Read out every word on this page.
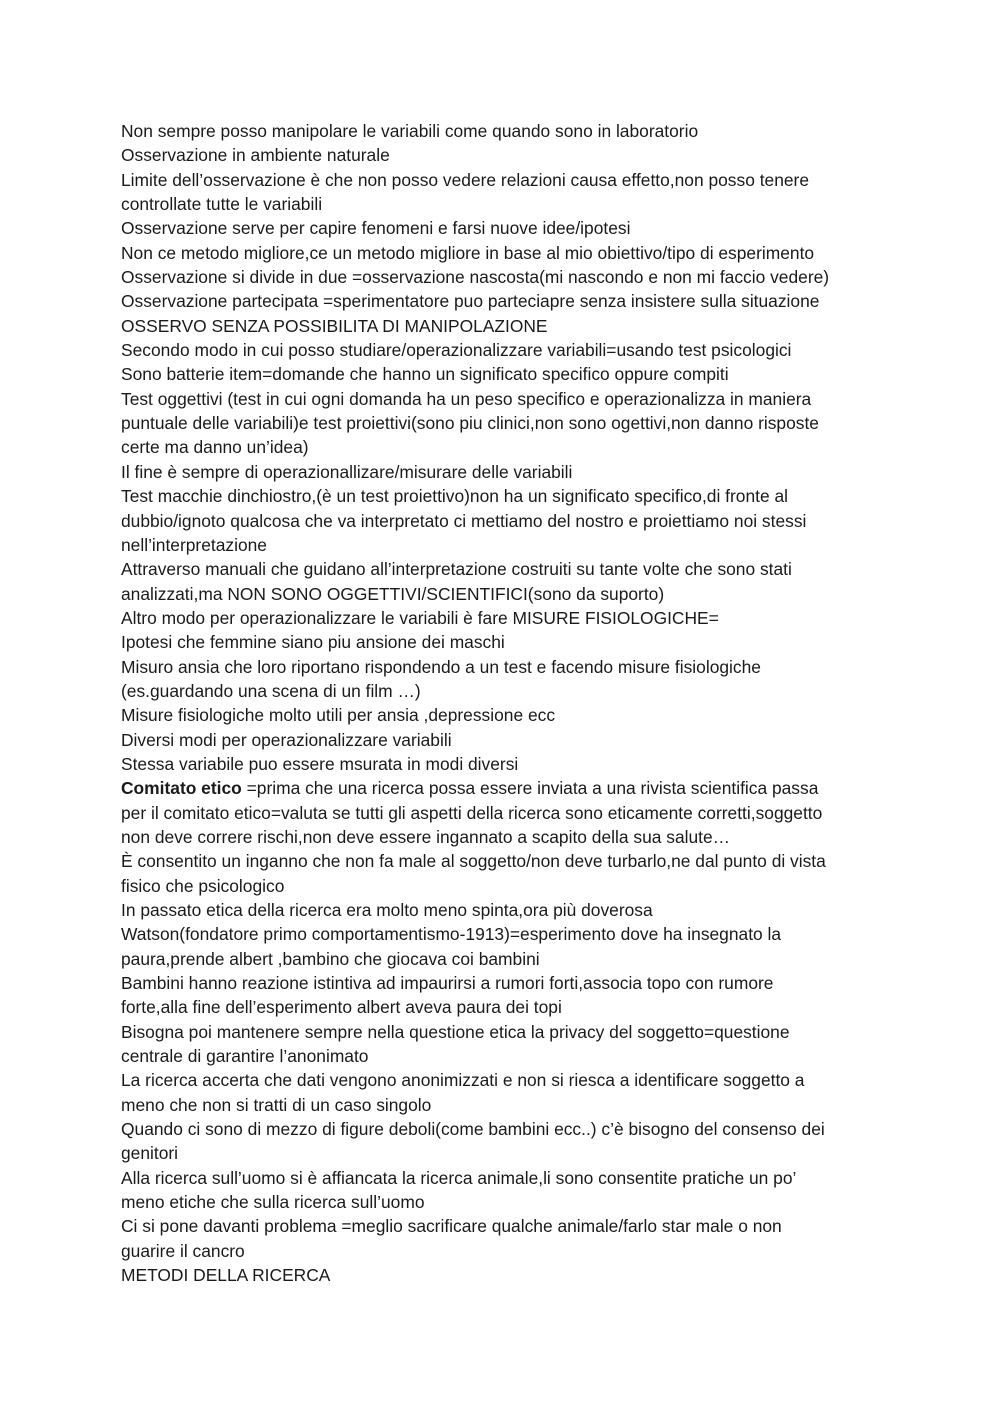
Non sempre posso manipolare le variabili come quando sono in laboratorio
Osservazione in ambiente naturale
Limite dell’osservazione è che non posso vedere relazioni causa effetto,non posso tenere
controllate tutte le variabili
Osservazione serve per capire fenomeni e farsi nuove idee/ipotesi
Non ce metodo migliore,ce un metodo migliore in base al mio obiettivo/tipo di esperimento
Osservazione si divide in due =osservazione nascosta(mi nascondo e non mi faccio vedere)
Osservazione partecipata =sperimentatore puo parteciapre senza insistere sulla situazione
OSSERVO SENZA POSSIBILITA DI MANIPOLAZIONE
Secondo modo in cui posso studiare/operazionalizzare variabili=usando test psicologici
Sono batterie item=domande che hanno un significato specifico oppure compiti
Test oggettivi (test in cui ogni domanda ha un peso specifico e operazionalizza in maniera
puntuale delle variabili)e test proiettivi(sono piu clinici,non sono ogettivi,non danno risposte
certe ma danno un’idea)
Il fine è sempre di operazionallizare/misurare delle variabili
Test macchie dinchiostro,(è un test proiettivo)non ha un significato specifico,di fronte al
dubbio/ignoto qualcosa che va interpretato ci mettiamo del nostro e proiettiamo noi stessi
nell’interpretazione
Attraverso manuali che guidano all’interpretazione costruiti su tante volte che sono stati
analizzati,ma NON SONO OGGETTIVI/SCIENTIFICI(sono da suporto)
Altro modo per operazionalizzare le variabili è fare MISURE FISIOLOGICHE=
Ipotesi che femmine siano piu ansione dei maschi
Misuro ansia che loro riportano rispondendo a un test e facendo misure fisiologiche
(es.guardando una scena di un film …)
Misure fisiologiche molto utili per ansia ,depressione ecc
Diversi modi per operazionalizzare variabili
Stessa variabile puo essere msurata in modi diversi
Comitato etico =prima che una ricerca possa essere inviata a una rivista scientifica passa
per il comitato etico=valuta se tutti gli aspetti della ricerca sono eticamente corretti,soggetto
non deve correre rischi,non deve essere ingannato a scapito della sua salute…
È consentito un inganno che non fa male al soggetto/non deve turbarlo,ne dal punto di vista
fisico che psicologico
In passato etica della ricerca era molto meno spinta,ora più doverosa
Watson(fondatore primo comportamentismo-1913)=esperimento dove ha insegnato la
paura,prende albert ,bambino che giocava coi bambini
Bambini hanno reazione istintiva ad impaurirsi a rumori forti,associa topo con rumore
forte,alla fine dell’esperimento albert aveva paura dei topi
Bisogna poi mantenere sempre nella questione etica la privacy del soggetto=questione
centrale di garantire l’anonimato
La ricerca accerta che dati vengono anonimizzati e non si riesca a identificare soggetto a
meno che non si tratti di un caso singolo
Quando ci sono di mezzo di figure deboli(come bambini ecc..) c’è bisogno del consenso dei
genitori
Alla ricerca sull’uomo si è affiancata la ricerca animale,li sono consentite pratiche un po’
meno etiche che sulla ricerca sull’uomo
Ci si pone davanti problema =meglio sacrificare qualche animale/farlo star male o non
guarire il cancro
METODI DELLA RICERCA
